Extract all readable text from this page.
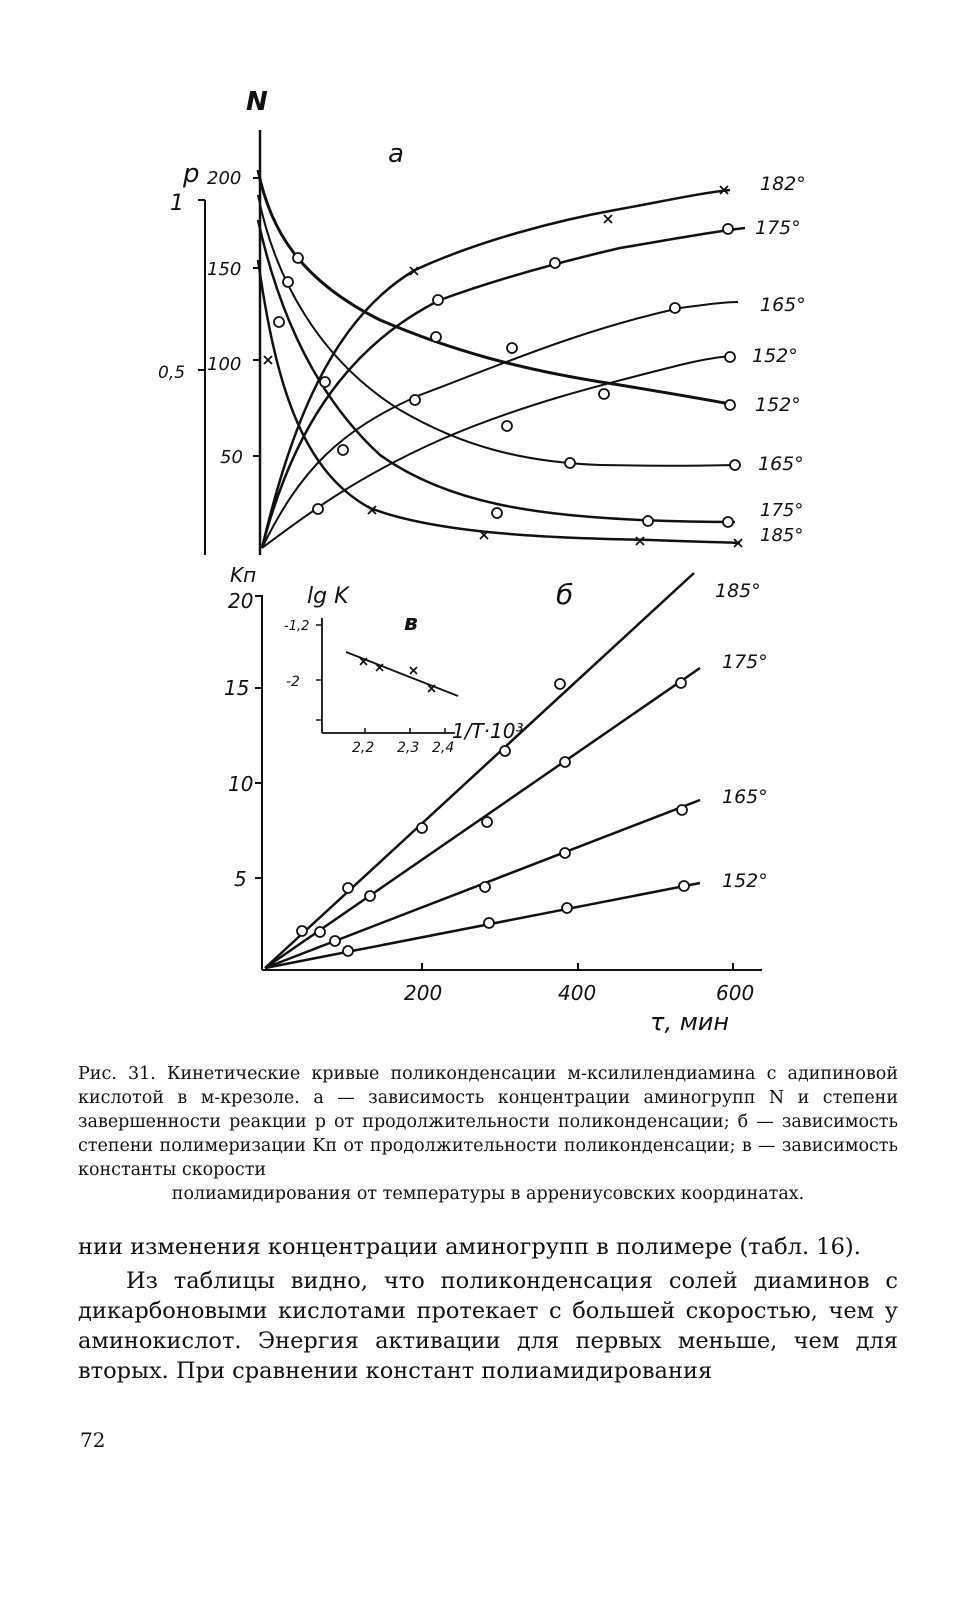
a
N
p
1
0,5
200
150
100
50
182°
175°
165°
152°
152°
165°
175°
185°
б
Kп
20
15
10
5
200	400	600
τ, мин
185°
175°
165°
152°
в
lg K
-1,2
-2
2,2 2,3 2,4
1/T·10³
Рис. 31. Кинетические кривые поликонденсации м-ксилилендиамина с адипиновой кислотой в м-крезоле. а — зависимость концентрации аминогрупп N и степени завершенности реакции p от продолжительности поликонденсации; б — зависимость степени полимеризации Kп от продолжительности поликонденсации; в — зависимость константы скорости
полиамидирования от температуры в аррениусовских координатах.

нии изменения концентрации аминогрупп в полимере (табл. 16).

Из таблицы видно, что поликонденсация солей диаминов с дикарбоновыми кислотами протекает с большей скоростью, чем у аминокислот. Энергия активации для первых меньше, чем для вторых. При сравнении констант полиамидирования

72
